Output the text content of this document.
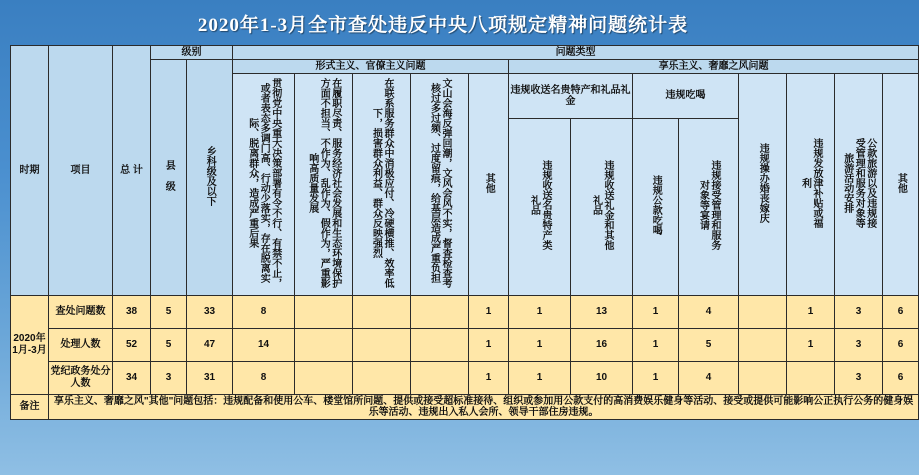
2020年1-3月全市查处违反中央八项规定精神问题统计表
时期	项目	总 计	级别		问题类型												
			县 级	乡科级及以下	形式主义、官僚主义问题					享乐主义、奢靡之风问题							
					贯彻党中央重大决策部署有令不行、有禁不止，或者表态多调门高、行动少落实，存在脱离实际、脱离群众，造成严重后果	在履职尽责、服务经济社会发展和生态环境保护方面不担当、不作为、乱作为、假作为，严重影响高质量发展	在联系服务群众中消极应付、冷硬横推、效率低下，损害群众利益、群众反映强烈	文山会海反弹回潮，文风会风不实，督查检查考核过多过频、过度留痕，给基层造成严重负担	其他	违规收送名贵特产和礼品礼金		违规吃喝		违规操办婚丧嫁庆	违规发放津补贴或福利	公款旅游以及违规接受管理和服务对象等旅游活动安排	其他
										违规收送名贵特产类礼品	违规收送礼金和其他礼品	违规公款吃喝	违规接受管理和服务对象等宴请				
2020年1月-3月	查处问题数	38	5	33	8				1	1	13	1	4		1	3	6
	处理人数	52	5	47	14				1	1	16	1	5		1	3	6
	党纪政务处分人数	34	3	31	8				1	1	10	1	4			3	6
备注	享乐主义、奢靡之风"其他"问题包括：违规配备和使用公车、楼堂馆所问题、提供或接受超标准接待、组织或参加用公款支付的高消费娱乐健身等活动、接受或提供可能影响公正执行公务的健身娱乐等活动、违规出入私人会所、领导干部住房违规。																
